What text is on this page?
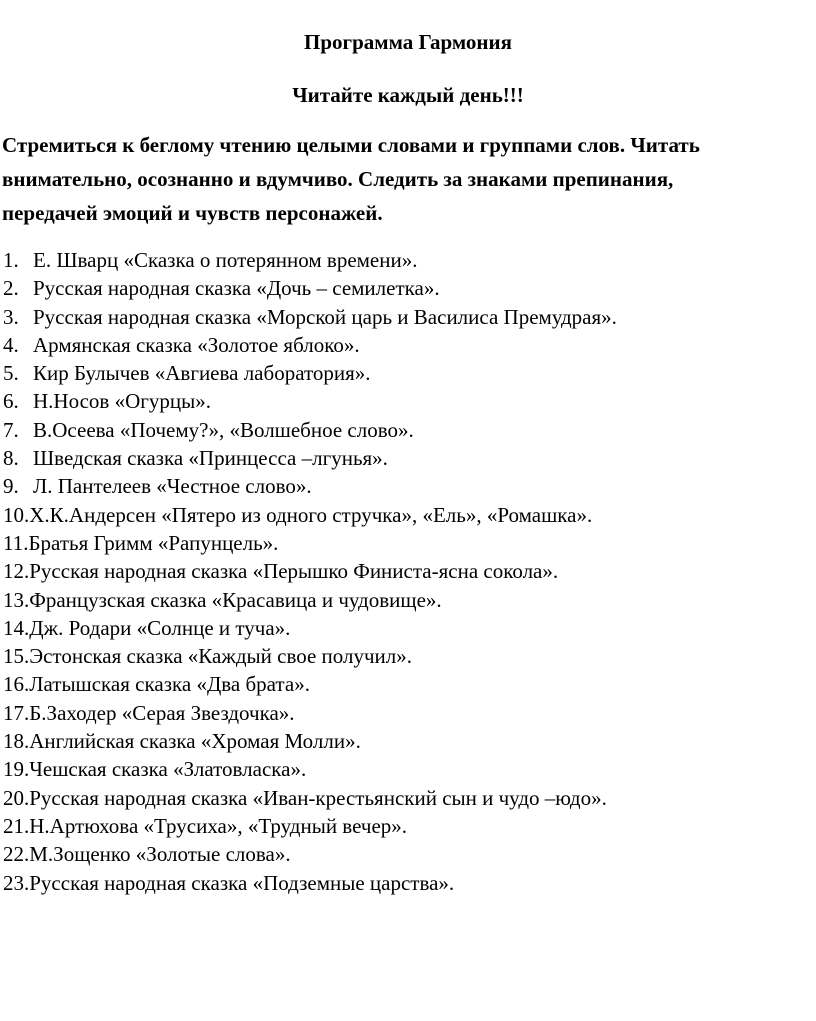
Программа Гармония
Читайте каждый день!!!

Стремиться к беглому чтению целыми словами и группами слов. Читать
внимательно, осознанно и вдумчиво. Следить за знаками препинания,
передачей эмоций и чувств персонажей.

1. Е. Шварц «Сказка о потерянном времени».
2. Русская народная сказка «Дочь – семилетка».
3. Русская народная сказка «Морской царь и Василиса Премудрая».
4. Армянская сказка «Золотое яблоко».
5. Кир Булычев «Авгиева лаборатория».
6. Н.Носов «Огурцы».
7. В.Осеева «Почему?», «Волшебное слово».
8. Шведская сказка «Принцесса –лгунья».
9. Л. Пантелеев «Честное слово».
10.Х.К.Андерсен «Пятеро из одного стручка», «Ель», «Ромашка».
11.Братья Гримм «Рапунцель».
12.Русская народная сказка «Перышко Финиста-ясна сокола».
13.Французская сказка «Красавица и чудовище».
14.Дж. Родари «Солнце и туча».
15.Эстонская сказка «Каждый свое получил».
16.Латышская сказка «Два брата».
17.Б.Заходер «Серая Звездочка».
18.Английская сказка «Хромая Молли».
19.Чешская сказка «Златовласка».
20.Русская народная сказка «Иван-крестьянский сын и чудо –юдо».
21.Н.Артюхова «Трусиха», «Трудный вечер».
22.М.Зощенко «Золотые слова».
23.Русская народная сказка «Подземные царства».
